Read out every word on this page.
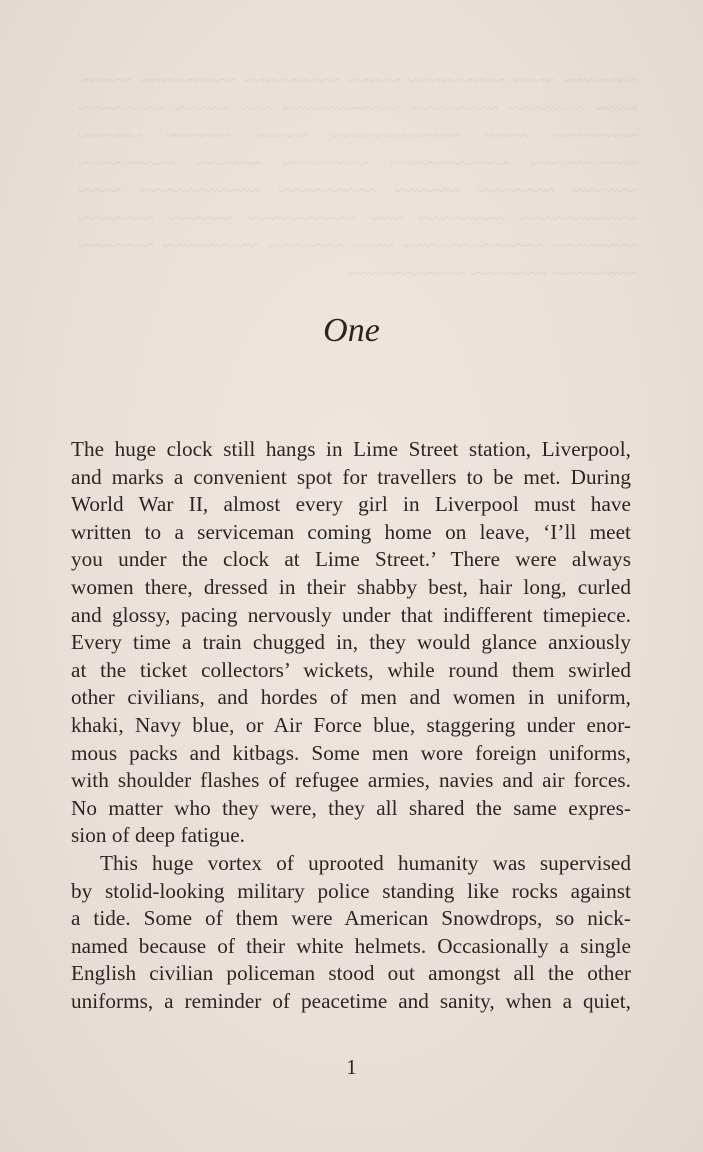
~~~~~~~ ~~~~ ~~~~~~~~~ ~~~~~ ~~~~~~~~~ ~~~~~~~~~ ~~~~~ ~~~~ ~~~~~~~ ~~~~~~~~ ~~~~~~~~~~~ ~~~ ~~~~~ ~~~~~~~~ ~~~~~~~~ ~~~~ ~~~~~~~~~~~~ ~~~~~ ~~~~~~ ~~~~~~ ~~~~~~~~~~ ~~~~~~~~~~~ ~~~~~~~~ ~~~~~~ ~~~~~~~~~ ~~~~~~ ~~~~~~~ ~~~~~~ ~~~~~~~~~ ~~~~~~~~~~~ ~~~~ ~~~~~~~~~~~ ~~~~~~~~ ~~~ ~~~~~~~~~~ ~~~~~~ ~~~~~~~ ~~~~~~~~ ~~~~~~~~~~~~~ ~~~~ ~~~~~~~ ~~~~~~~~~ ~~~~~~~ ~~~~~~~~ ~~~~~~~ ~~~~~~~~~~~
One

The huge clock still hangs in Lime Street station, Liverpool,
and marks a convenient spot for travellers to be met. During
World War II, almost every girl in Liverpool must have
written to a serviceman coming home on leave, ‘I’ll meet
you under the clock at Lime Street.’ There were always
women there, dressed in their shabby best, hair long, curled
and glossy, pacing nervously under that indifferent timepiece.
Every time a train chugged in, they would glance anxiously
at the ticket collectors’ wickets, while round them swirled
other civilians, and hordes of men and women in uniform,
khaki, Navy blue, or Air Force blue, staggering under enor-
mous packs and kitbags. Some men wore foreign uniforms,
with shoulder flashes of refugee armies, navies and air forces.
No matter who they were, they all shared the same expres-
sion of deep fatigue.

This huge vortex of uprooted humanity was supervised
by stolid-looking military police standing like rocks against
a tide. Some of them were American Snowdrops, so nick-
named because of their white helmets. Occasionally a single
English civilian policeman stood out amongst all the other
uniforms, a reminder of peacetime and sanity, when a quiet,

1
